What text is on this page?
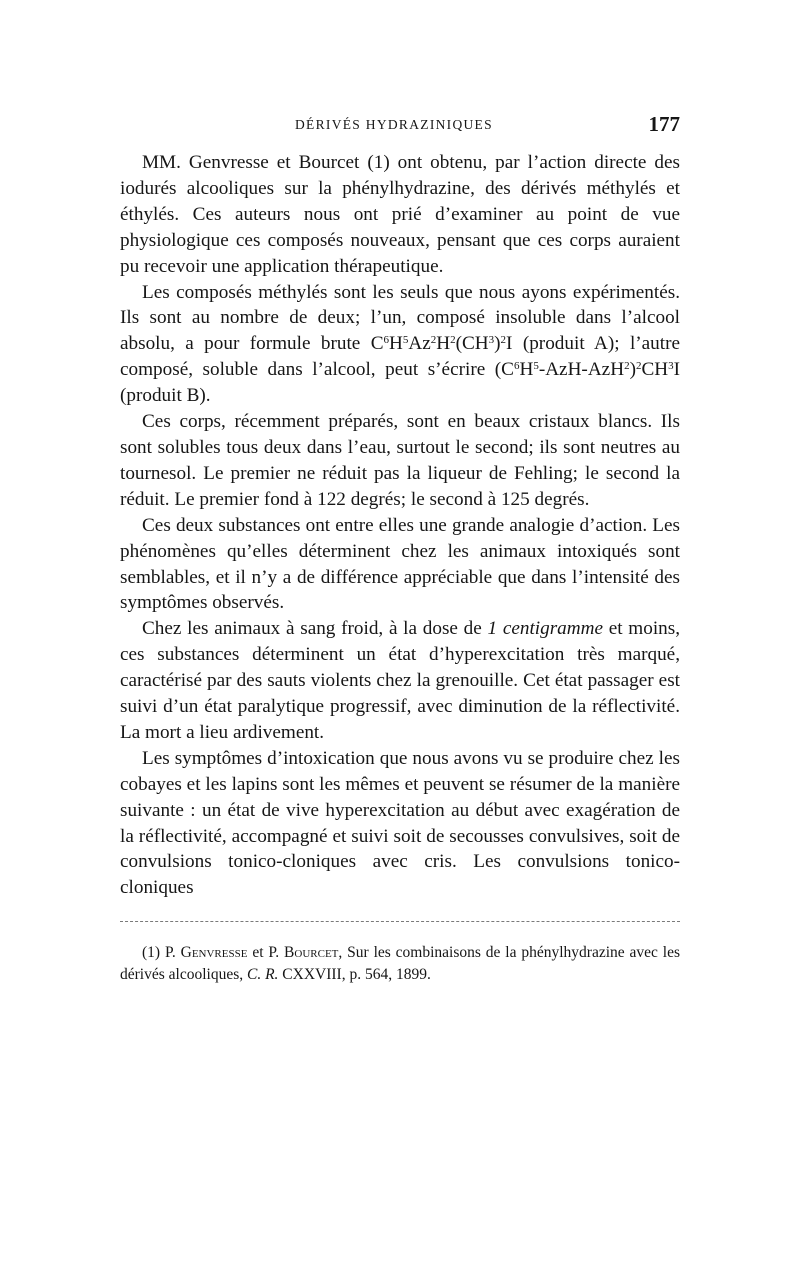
DÉRIVÉS HYDRAZINIQUES	177

MM. Genvresse et Bourcet (1) ont obtenu, par l’action directe des iodurés alcooliques sur la phénylhydrazine, des dérivés méthylés et éthylés. Ces auteurs nous ont prié d’examiner au point de vue physiologique ces composés nouveaux, pensant que ces corps auraient pu recevoir une application thérapeutique.

Les composés méthylés sont les seuls que nous ayons expérimentés. Ils sont au nombre de deux; l’un, composé insoluble dans l’alcool absolu, a pour formule brute $C^6H^5Az^2H^2(CH^3)^2I$ (produit A); l’autre composé, soluble dans l’alcool, peut s’écrire $(C^6H^5-AzH-AzH^2)^2CH^3I$ (produit B).

Ces corps, récemment préparés, sont en beaux cristaux blancs. Ils sont solubles tous deux dans l’eau, surtout le second; ils sont neutres au tournesol. Le premier ne réduit pas la liqueur de Fehling; le second la réduit. Le premier fond à 122 degrés; le second à 125 degrés.

Ces deux substances ont entre elles une grande analogie d’action. Les phénomènes qu’elles déterminent chez les animaux intoxiqués sont semblables, et il n’y a de différence appréciable que dans l’intensité des symptômes observés.

Chez les animaux à sang froid, à la dose de 1 centigramme et moins, ces substances déterminent un état d’hyperexcitation très marqué, caractérisé par des sauts violents chez la grenouille. Cet état passager est suivi d’un état paralytique progressif, avec diminution de la réflectivité. La mort a lieu ardivement.

Les symptômes d’intoxication que nous avons vu se produire chez les cobayes et les lapins sont les mêmes et peuvent se résumer de la manière suivante : un état de vive hyperexcitation au début avec exagération de la réflectivité, accompagné et suivi soit de secousses convulsives, soit de convulsions tonico-cloniques avec cris. Les convulsions tonico-cloniques

(1) P. Genvresse et P. Bourcet, Sur les combinaisons de la phénylhydrazine avec les dérivés alcooliques, C. R. CXXVIII, p. 564, 1899.
